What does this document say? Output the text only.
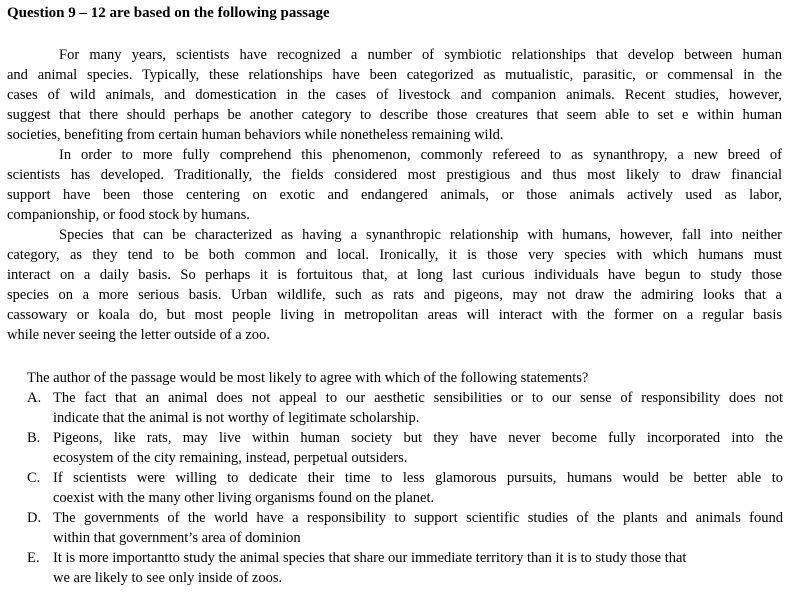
Question 9 – 12 are based on the following passage
For many years, scientists have recognized a number of symbiotic relationships that develop between human
and animal species. Typically, these relationships have been categorized as mutualistic, parasitic, or commensal in the
cases of wild animals, and domestication in the cases of livestock and companion animals. Recent studies, however,
suggest that there should perhaps be another category to describe those creatures that seem able to set e within human
societies, benefiting from certain human behaviors while nonetheless remaining wild.
In order to more fully comprehend this phenomenon, commonly refereed to as synanthropy, a new breed of
scientists has developed. Traditionally, the fields considered most prestigious and thus most likely to draw financial
support have been those centering on exotic and endangered animals, or those animals actively used as labor,
companionship, or food stock by humans.
Species that can be characterized as having a synanthropic relationship with humans, however, fall into neither
category, as they tend to be both common and local. Ironically, it is those very species with which humans must
interact on a daily basis. So perhaps it is fortuitous that, at long last curious individuals have begun to study those
species on a more serious basis. Urban wildlife, such as rats and pigeons, may not draw the admiring looks that a
cassowary or koala do, but most people living in metropolitan areas will interact with the former on a regular basis
while never seeing the letter outside of a zoo.
The author of the passage would be most likely to agree with which of the following statements?
A. The fact that an animal does not appeal to our aesthetic sensibilities or to our sense of responsibility does not
indicate that the animal is not worthy of legitimate scholarship.
B. Pigeons, like rats, may live within human society but they have never become fully incorporated into the
ecosystem of the city remaining, instead, perpetual outsiders.
C. If scientists were willing to dedicate their time to less glamorous pursuits, humans would be better able to
coexist with the many other living organisms found on the planet.
D. The governments of the world have a responsibility to support scientific studies of the plants and animals found
within that government’s area of dominion
E. It is more importantto study the animal species that share our immediate territory than it is to study those that
we are likely to see only inside of zoos.
